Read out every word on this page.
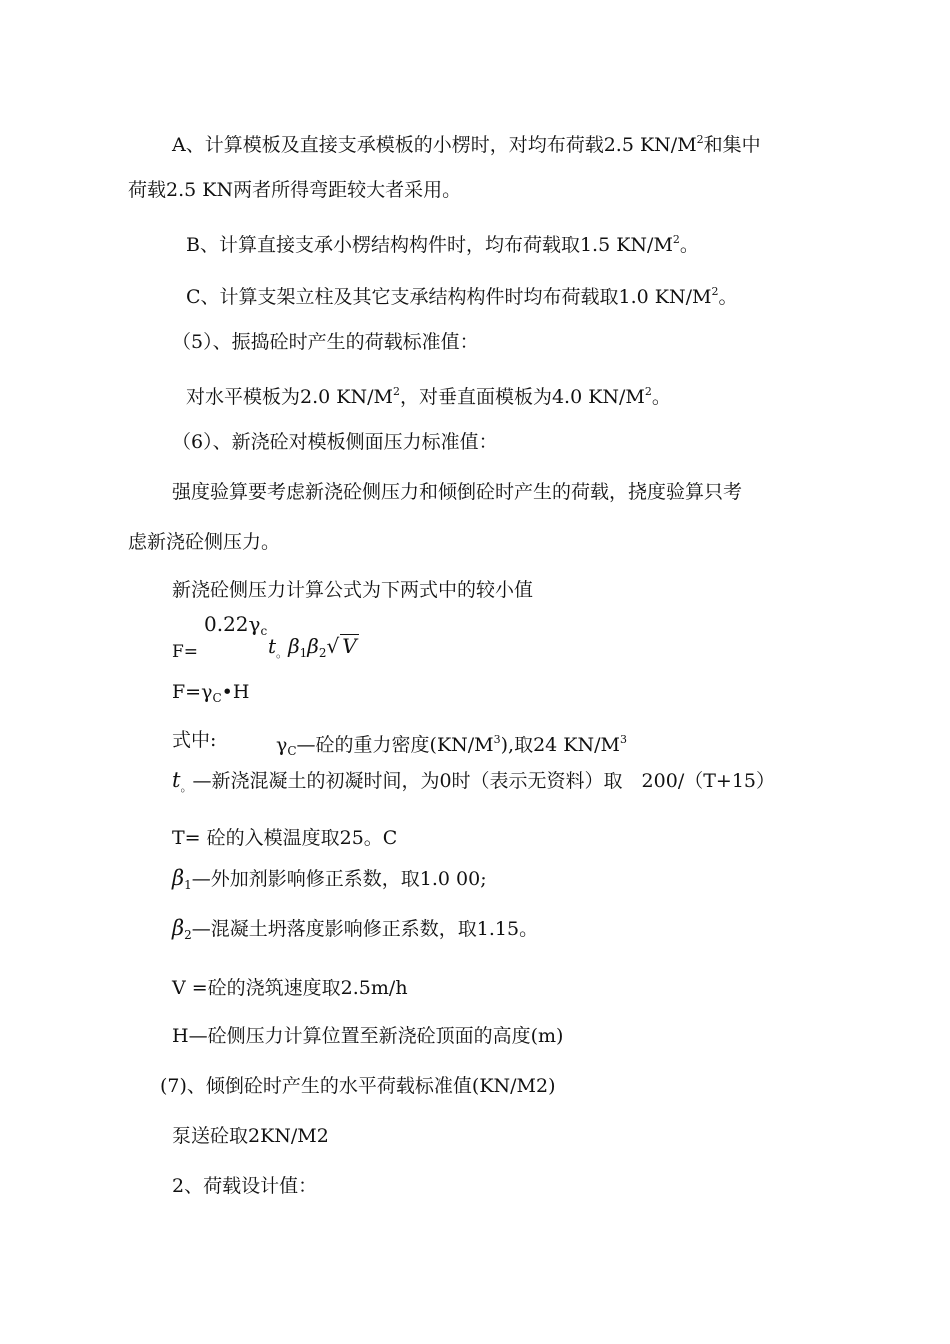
A、计算模板及直接支承模板的小楞时，对均布荷载2.5 $KN/M^2$和集中
荷载2.5 KN两者所得弯距较大者采用。
B、计算直接支承小楞结构构件时，均布荷载取1.5 $KN/M^2$。
C、计算支架立柱及其它支承结构构件时均布荷载取1.0 $KN/M^2$。
（5）、振捣砼时产生的荷载标准值：
对水平模板为2.0 $KN/M^2$，对垂直面模板为4.0 $KN/M^2$。
（6）、新浇砼对模板侧面压力标准值：
强度验算要考虑新浇砼侧压力和倾倒砼时产生的荷载，挠度验算只考
虑新浇砼侧压力。
新浇砼侧压力计算公式为下两式中的较小值
F=
$0.22\gamma_c$
$t_。\beta_1\beta_2√$ V
$F=\gamma_C•H$
式中:	$\gamma_C—$砼的重力密度$(KN/M^3)$,取24 $KN/M^3$
$t_。—$新浇混凝土的初凝时间，为0时（表示无资料）取　200/（T+15）
T= 砼的入模温度取25。C
$\beta_1—$外加剂影响修正系数，取1.0 00;
$\beta_2—$混凝土坍落度影响修正系数，取1.15。
V =砼的浇筑速度取2.5m/h
H—砼侧压力计算位置至新浇砼顶面的高度(m)
(7)、倾倒砼时产生的水平荷载标准值(KN/M2)
泵送砼取2KN/M2
2、荷载设计值：
